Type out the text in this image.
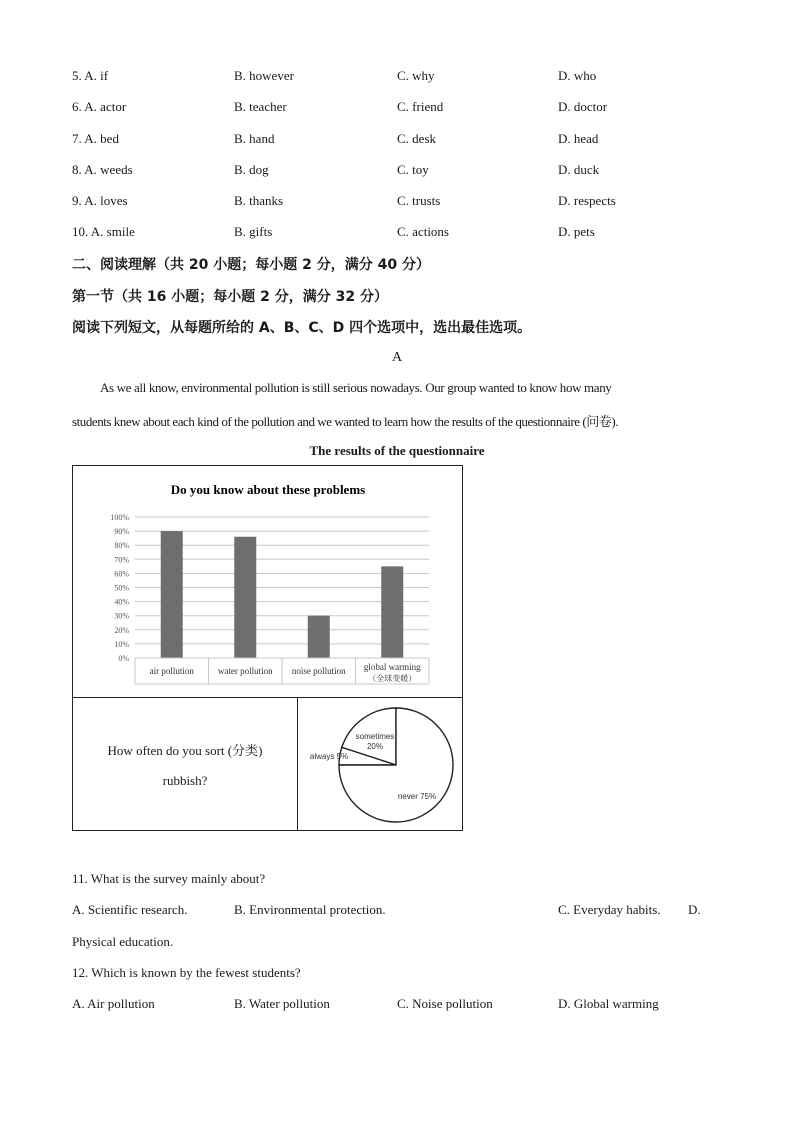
5. A. if	B. however	C. why	D. who
6. A. actor	B. teacher	C. friend	D. doctor
7. A. bed	B. hand	C. desk	D. head
8. A. weeds	B. dog	C. toy	D. duck
9. A. loves	B. thanks	C. trusts	D. respects
10. A. smile	B. gifts	C. actions	D. pets
二、阅读理解（共 20 小题；每小题 2 分，满分 40 分）
第一节（共 16 小题；每小题 2 分，满分 32 分）
阅读下列短文，从每题所给的 A、B、C、D 四个选项中，选出最佳选项。
A
As we all know, environmental pollution is still serious nowadays. Our group wanted to know how many
students knew about each kind of the pollution and we wanted to learn how the results of the questionnaire (问卷).
The results of the questionnaire
Do you know about these problems
0%
10%
20%
30%
40%
50%
60%
70%
80%
90%
100%
air pollution	water pollution noise pollution global warming
（全球变暖）
How often do you sort (分类)
rubbish?
sometimes
20%
always 5%
never 75%
11. What is the survey mainly about?
A. Scientific research.	B. Environmental protection.	C. Everyday habits. D.
Physical education.
12. Which is known by the fewest students?
A. Air pollution	B. Water pollution	C. Noise pollution	D. Global warming
